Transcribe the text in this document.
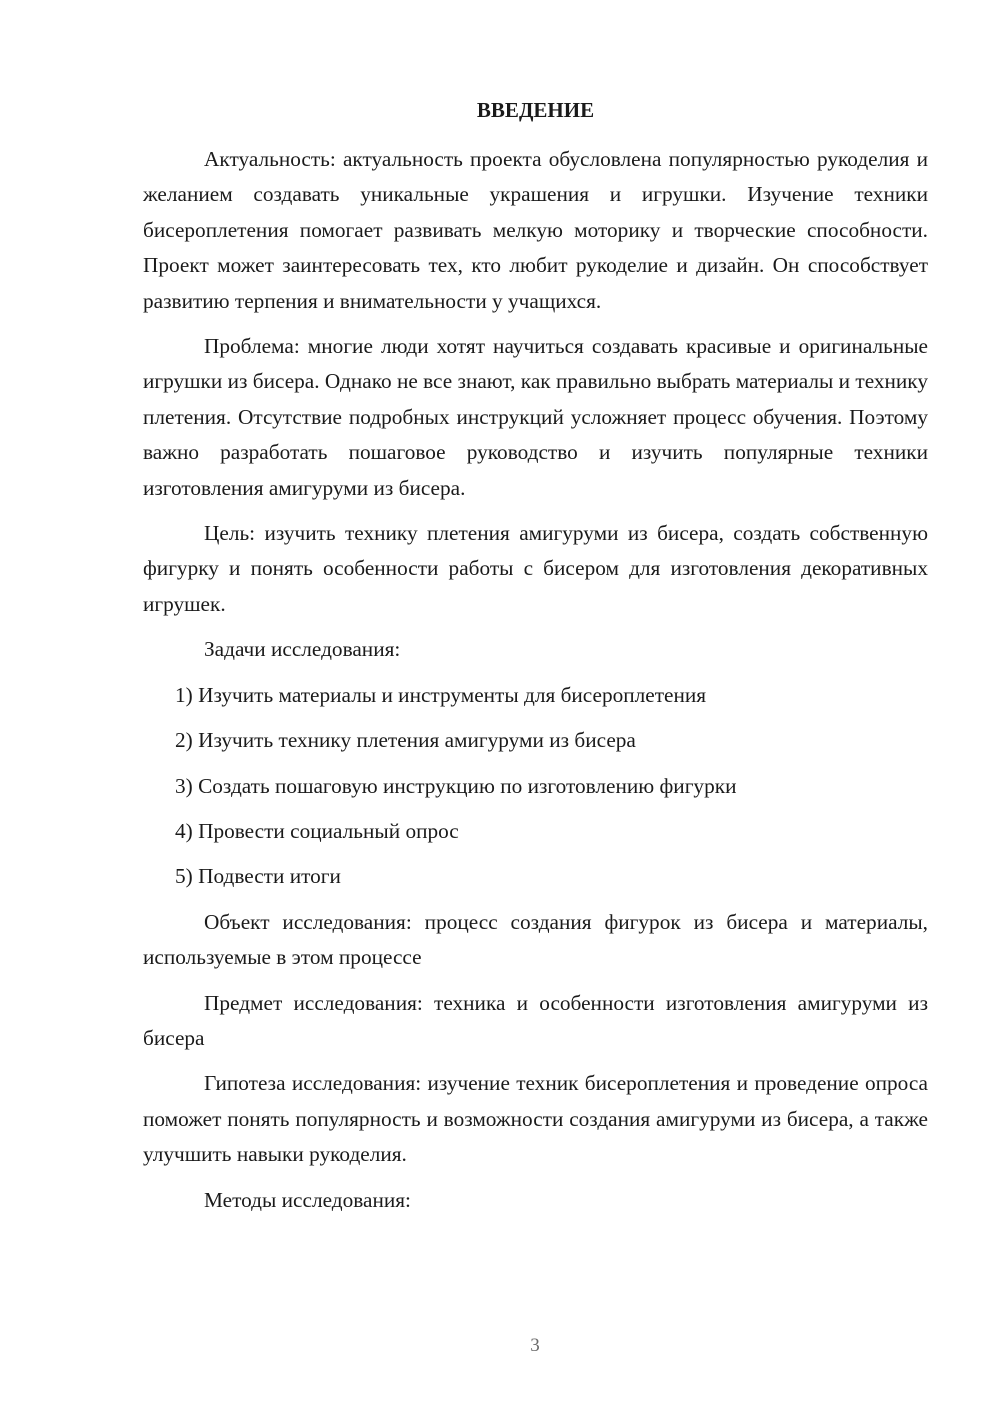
ВВЕДЕНИЕ

Актуальность: актуальность проекта обусловлена популярностью рукоделия и желанием создавать уникальные украшения и игрушки. Изучение техники бисероплетения помогает развивать мелкую моторику и творческие способности. Проект может заинтересовать тех, кто любит рукоделие и дизайн. Он способствует развитию терпения и внимательности у учащихся.

Проблема: многие люди хотят научиться создавать красивые и оригинальные игрушки из бисера. Однако не все знают, как правильно выбрать материалы и технику плетения. Отсутствие подробных инструкций усложняет процесс обучения. Поэтому важно разработать пошаговое руководство и изучить популярные техники изготовления амигуруми из бисера.

Цель: изучить технику плетения амигуруми из бисера, создать собственную фигурку и понять особенности работы с бисером для изготовления декоративных игрушек.

Задачи исследования:

1) Изучить материалы и инструменты для бисероплетения
2) Изучить технику плетения амигуруми из бисера
3) Создать пошаговую инструкцию по изготовлению фигурки
4) Провести социальный опрос
5) Подвести итоги

Объект исследования: процесс создания фигурок из бисера и материалы, используемые в этом процессе

Предмет исследования: техника и особенности изготовления амигуруми из бисера

Гипотеза исследования: изучение техник бисероплетения и проведение опроса поможет понять популярность и возможности создания амигуруми из бисера, а также улучшить навыки рукоделия.

Методы исследования:

3
